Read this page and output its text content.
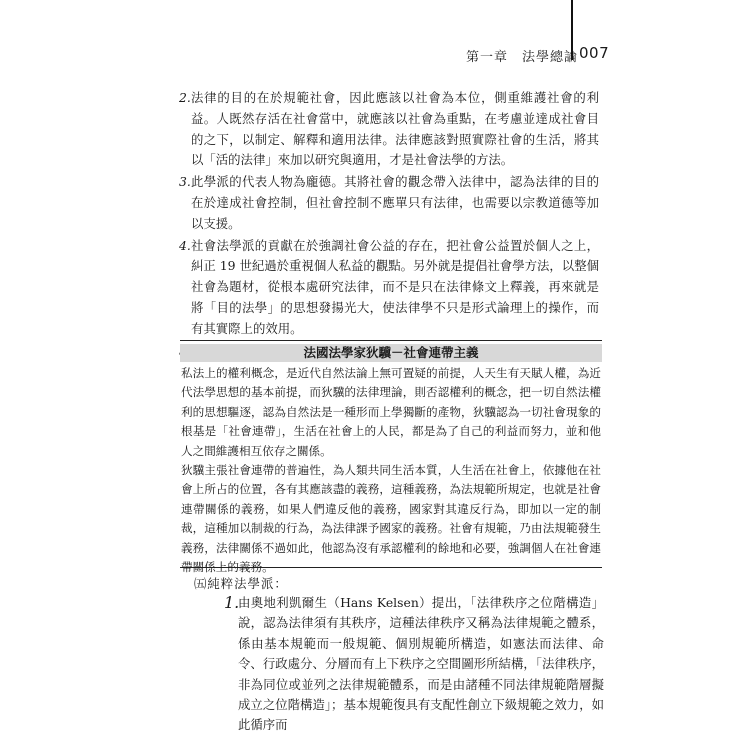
第一章　法學總論 007
2. 法律的目的在於規範社會，因此應該以社會為本位，側重維護社會的利益。人既然存活在社會當中，就應該以社會為重點，在考慮並達成社會目的之下，以制定、解釋和適用法律。法律應該對照實際社會的生活，將其以「活的法律」來加以研究與適用，才是社會法學的方法。
3. 此學派的代表人物為龐德。其將社會的觀念帶入法律中，認為法律的目的在於達成社會控制，但社會控制不應單只有法律，也需要以宗教道德等加以支援。
4. 社會法學派的貢獻在於強調社會公益的存在，把社會公益置於個人之上，糾正 19 世紀過於重視個人私益的觀點。另外就是提倡社會學方法，以整個社會為題材，從根本處研究法律，而不是只在法律條文上釋義，再來就是將「目的法學」的思想發揚光大，使法律學不只是形式論理上的操作，而有其實際上的效用。
法國法學家狄驥－社會連帶主義

私法上的權利概念，是近代自然法論上無可置疑的前提，人天生有天賦人權，為近代法學思想的基本前提，而狄驥的法律理論，則否認權利的概念，把一切自然法權利的思想驅逐，認為自然法是一種形而上學獨斷的產物，狄驥認為一切社會現象的根基是「社會連帶」，生活在社會上的人民，都是為了自己的利益而努力，並和他人之間維護相互依存之關係。

狄驥主張社會連帶的普遍性，為人類共同生活本質，人生活在社會上，依據他在社會上所占的位置，各有其應該盡的義務，這種義務，為法規範所規定，也就是社會連帶關係的義務，如果人們違反他的義務，國家對其違反行為，即加以一定的制裁，這種加以制裁的行為，為法律課予國家的義務。社會有規範，乃由法規範發生義務，法律關係不過如此，他認為沒有承認權利的餘地和必要，強調個人在社會連帶關係上的義務。

㈤純粹法學派：
1.
由奧地利凱爾生（Hans Kelsen）提出，「法律秩序之位階構造」說，認為法律須有其秩序，這種法律秩序又稱為法律規範之體系，係由基本規範而一般規範、個別規範所構造，如憲法而法律、命令、行政處分、分層而有上下秩序之空間圖形所結構，「法律秩序，非為同位或並列之法律規範體系，而是由諸種不同法律規範階層擬成立之位階構造」；基本規範復具有支配性創立下級規範之效力，如此循序而
